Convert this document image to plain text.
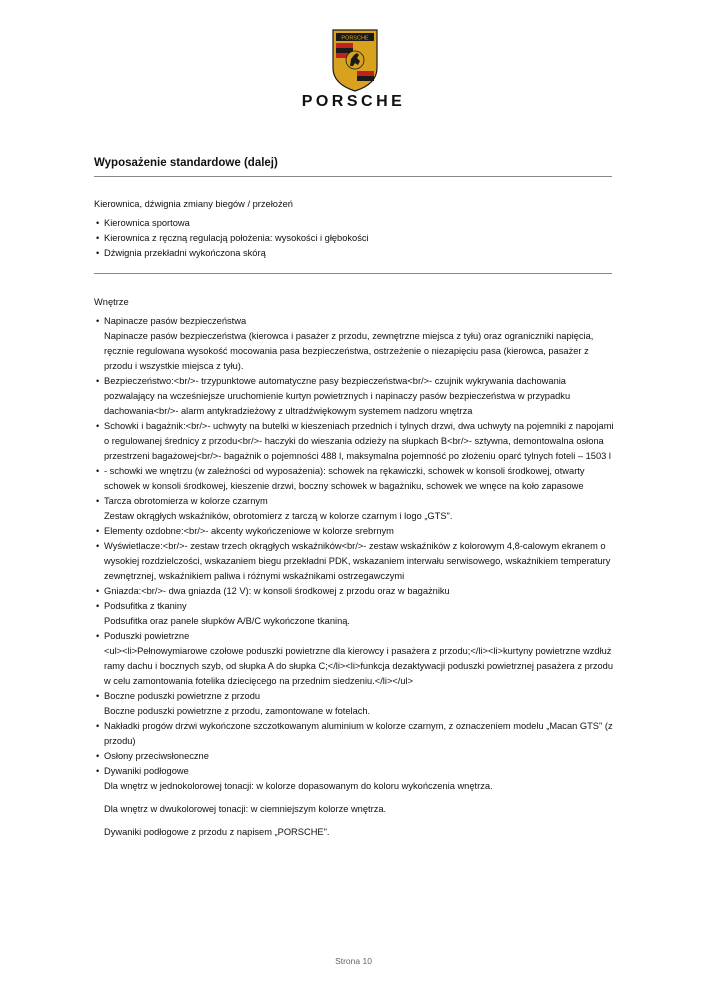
PORSCHE
PORSCHE
Wyposażenie standardowe (dalej)
Kierownica, dźwignia zmiany biegów / przełożeń
• Kierownica sportowa
• Kierownica z ręczną regulacją położenia: wysokości i głębokości
• Dźwignia przekładni wykończona skórą
Wnętrze
• Napinacze pasów bezpieczeństwa
Napinacze pasów bezpieczeństwa (kierowca i pasażer z przodu, zewnętrzne miejsca z tyłu) oraz ograniczniki napięcia, ręcznie regulowana wysokość mocowania pasa bezpieczeństwa, ostrzeżenie o niezapięciu pasa (kierowca, pasażer z przodu i wszystkie miejsca z tyłu).
• Bezpieczeństwo:<br/>- trzypunktowe automatyczne pasy bezpieczeństwa<br/>- czujnik wykrywania dachowania pozwalający na wcześniejsze uruchomienie kurtyn powietrznych i napinaczy pasów bezpieczeństwa w przypadku dachowania<br/>- alarm antykradzieżowy z ultradźwiękowym systemem nadzoru wnętrza
• Schowki i bagażnik:<br/>- uchwyty na butelki w kieszeniach przednich i tylnych drzwi, dwa uchwyty na pojemniki z napojami o regulowanej średnicy z przodu<br/>- haczyki do wieszania odzieży na słupkach B<br/>- sztywna, demontowalna osłona przestrzeni bagażowej<br/>- bagażnik o pojemności 488 l, maksymalna pojemność po złożeniu oparć tylnych foteli – 1503 l
• - schowki we wnętrzu (w zależności od wyposażenia): schowek na rękawiczki, schowek w konsoli środkowej, otwarty schowek w konsoli środkowej, kieszenie drzwi, boczny schowek w bagażniku, schowek we wnęce na koło zapasowe
• Tarcza obrotomierza w kolorze czarnym
Zestaw okrągłych wskaźników, obrotomierz z tarczą w kolorze czarnym i logo „GTS".
• Elementy ozdobne:<br/>- akcenty wykończeniowe w kolorze srebrnym
• Wyświetlacze:<br/>- zestaw trzech okrągłych wskaźników<br/>- zestaw wskaźników z kolorowym 4,8-calowym ekranem o wysokiej rozdzielczości, wskazaniem biegu przekładni PDK, wskazaniem interwału serwisowego, wskaźnikiem temperatury zewnętrznej, wskaźnikiem paliwa i różnymi wskaźnikami ostrzegawczymi
• Gniazda:<br/>- dwa gniazda (12 V): w konsoli środkowej z przodu oraz w bagażniku
• Podsufitka z tkaniny
Podsufitka oraz panele słupków A/B/C wykończone tkaniną.
• Poduszki powietrzne
<ul><li>Pełnowymiarowe czołowe poduszki powietrzne dla kierowcy i pasażera z przodu;</li><li>kurtyny powietrzne wzdłuż ramy dachu i bocznych szyb, od słupka A do słupka C;</li><li>funkcja dezaktywacji poduszki powietrznej pasażera z przodu w celu zamontowania fotelika dziecięcego na przednim siedzeniu.</li></ul>
• Boczne poduszki powietrzne z przodu
Boczne poduszki powietrzne z przodu, zamontowane w fotelach.
• Nakładki progów drzwi wykończone szczotkowanym aluminium w kolorze czarnym, z oznaczeniem modelu „Macan GTS" (z przodu)
• Osłony przeciwsłoneczne
• Dywaniki podłogowe
Dla wnętrz w jednokolorowej tonacji: w kolorze dopasowanym do koloru wykończenia wnętrza.
Dla wnętrz w dwukolorowej tonacji: w ciemniejszym kolorze wnętrza.
Dywaniki podłogowe z przodu z napisem „PORSCHE".
Strona 10
